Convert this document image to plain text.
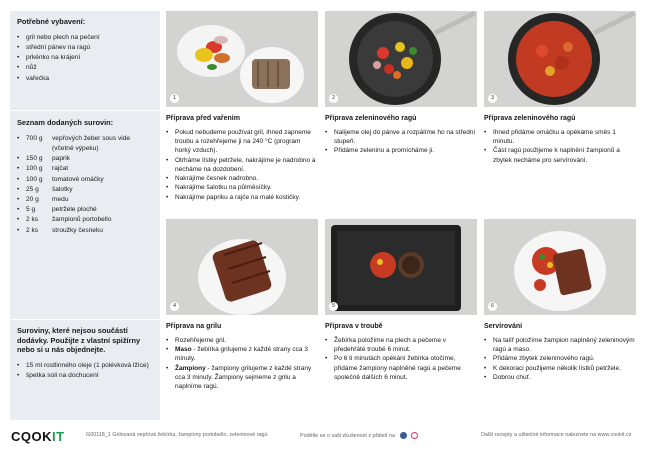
Potřebné vybavení:
• gril nebo plech na pečení
• střední pánev na ragú
• prkénko na krájení
• nůž
• vařečka
Seznam dodaných surovin:
• 700 g	vepřových žeber sous vide (včetně výpeku)
• 150 g	paprik
• 100 g	rajčat
• 100 g	tomatové omáčky
• 25 g	šalotky
• 20 g	medu
• 5 g	petržele ploché
• 2 ks	žampionů portobello
• 2 ks	stroužky česneku
Suroviny, které nejsou součástí dodávky. Použijte z vlastní spižírny nebo si u nás objednejte.
• 15 ml rostlinného oleje (1 polévková lžíce)
• špetka soli na dochucení
1	2	3
4	5	6
Příprava před vařením
• Pokud nebudeme používat gril, ihned zapneme troubu a rozehřejeme ji na 240 °C (program horký vzduch).
• Otrháme lístky petržele, nakrájíme je nadrobno a necháme na dozdobení.
• Nakrájíme česnek nadrobno.
• Nakrájíme šalotku na půlměsíčky.
• Nakrájíme papriku a rajče na malé kostičky.
Příprava zeleninového ragú
• Nalijeme olej do pánve a rozpálíme ho na střední stupeň.
• Přidáme zeleninu a promícháme ji.
Příprava zeleninového ragú
• Ihned přidáme omáčku a opékáme směs 1 minutu.
• Část ragú použijeme k naplnění žampionů a zbytek necháme pro servírování.
Příprava na grilu
• Rozehřejeme gril.
• Maso - žebírka grilujeme z každé strany cca 3 minuty.
• Žampiony - žampiony grilujeme z každé strany cca 3 minuty. Žampiony sejmeme z grilu a naplníme ragú.
Příprava v troubě
• Žebírka položíme na plech a pečeme v předehřáté troubě 6 minut.
• Po 6 ti minutách opékání žebírka otočíme, přidáme žampiony naplněné ragú a pečeme společně dalších 6 minut.
Servírování
• Na talíř položíme žampion naplněný zeleninovým ragú a maso.
• Přidáme zbytek zeleninového ragú.
• K dekoraci použijeme několik lístků petržele.
• Dobrou chuť.
CQOKIT	G00118_1 Grilovaná vepřová žebírka, žampiony portobello, zeleninové ragú	Podělte se o vaši zkušenost z přátelí na	Další recepty a užitečné informace naleznete na www.cookit.cz
